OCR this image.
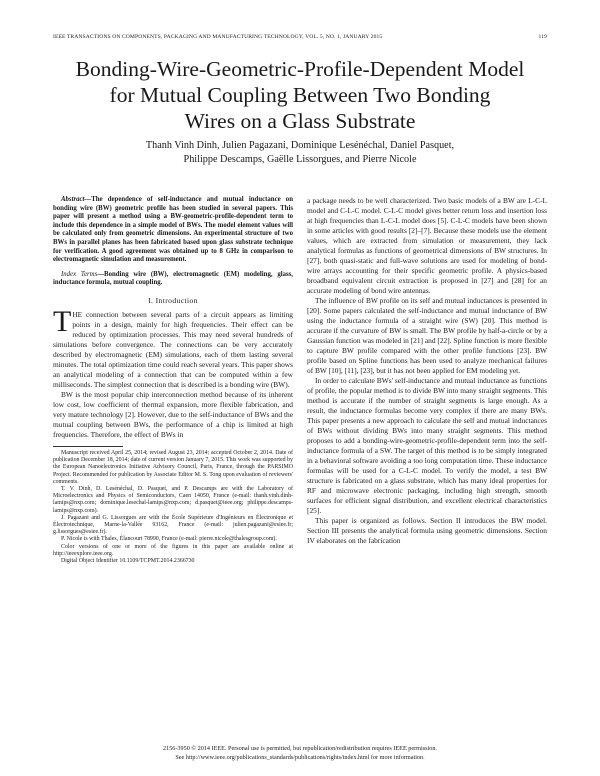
IEEE TRANSACTIONS ON COMPONENTS, PACKAGING AND MANUFACTURING TECHNOLOGY, VOL. 5, NO. 1, JANUARY 2015	119
Bonding-Wire-Geometric-Profile-Dependent Model
for Mutual Coupling Between Two Bonding
Wires on a Glass Substrate
Thanh Vinh Dinh, Julien Pagazani, Dominique Lesénéchal, Daniel Pasquet,
Philippe Descamps, Gaëlle Lissorgues, and Pierre Nicole

Abstract—The dependence of self-inductance and mutual inductance on bonding wire (BW) geometric profile has been studied in several papers. This paper will present a method using a BW-geometric-profile-dependent term to include this dependence in a simple model of BWs. The model element values will be calculated only from geometric dimensions. An experimental structure of two BWs in parallel planes has been fabricated based upon glass substrate technique for verification. A good agreement was obtained up to 8 GHz in comparison to electromagnetic simulation and measurement.

Index Terms—Bonding wire (BW), electromagnetic (EM) modeling, glass, inductance formula, mutual coupling.

I. Introduction

THE connection between several parts of a circuit appears as limiting points in a design, mainly for high frequencies. Their effect can be reduced by optimization processes. This may need several hundreds of simulations before convergence. The connections can be very accurately described by electromagnetic (EM) simulations, each of them lasting several minutes. The total optimization time could reach several years. This paper shows an analytical modeling of a connection that can be computed within a few milliseconds. The simplest connection that is described is a bonding wire (BW).

BW is the most popular chip interconnection method because of its inherent low cost, low coefficient of thermal expansion, more flexible fabrication, and very mature technology [2]. However, due to the self-inductance of BWs and the mutual coupling between BWs, the performance of a chip is limited at high frequencies. Therefore, the effect of BWs in

Manuscript received April 25, 2014; revised August 23, 2014; accepted October 2, 2014. Date of publication December 18, 2014; date of current version January 7, 2015. This work was supported by the European Nanoelectronics Initiative Advisory Council, Paris, France, through the PARSIMO Project. Recommended for publication by Associate Editor M. S. Tong upon evaluation of reviewers' comments.

T. V. Dinh, D. Lesénéchal, D. Pasquet, and P. Descamps are with the Laboratory of Microelectronics and Physics of Semiconductors, Caen 14050, France (e-mail: thanh.vinh.dinh-lamips@nxp.com; dominique.lesechal-lamips@nxp.com; d.pasquet@ieee.org; philippe.descamps-lamips@nxp.com).

J. Pagazani and G. Lissorgues are with the École Supérieure d'Ingénieurs en Électronique et Électrotechnique, Marne-la-Vallée 93162, France (e-mail: julien.pagazani@esiee.fr; g.lissorgues@esiee.fr).

P. Nicole is with Thales, Élancourt 78990, France (e-mail: pierre.nicole@thalesgroup.com).

Color versions of one or more of the figures in this paper are available online at http://ieeexplore.ieee.org.

Digital Object Identifier 10.1109/TCPMT.2014.2366730

a package needs to be well characterized. Two basic models of a BW are L-C-L model and C-L-C model. C-L-C model gives better return loss and insertion loss at high frequencies than L-C-L model does [5]. C-L-C models have been shown in some articles with good results [2]–[7]. Because these models use the element values, which are extracted from simulation or measurement, they lack analytical formulas as functions of geometrical dimensions of BW structures. In [27], both quasi-static and full-wave solutions are used for modeling of bond-wire arrays accounting for their specific geometric profile. A physics-based broadband equivalent circuit extraction is proposed in [27] and [28] for an accurate modeling of bond wire antennas.

The influence of BW profile on its self and mutual inductances is presented in [20]. Some papers calculated the self-inductance and mutual inductance of BW using the inductance formula of a straight wire (SW) [20]. This method is accurate if the curvature of BW is small. The BW profile by half-a-circle or by a Gaussian function was modeled in [21] and [22]. Spline function is more flexible to capture BW profile compared with the other profile functions [23]. BW profile based on Spline functions has been used to analyze mechanical failures of BW [10], [11], [23], but it has not been applied for EM modeling yet.

In order to calculate BWs' self-inductance and mutual inductance as functions of profile, the popular method is to divide BW into many straight segments. This method is accurate if the number of straight segments is large enough. As a result, the inductance formulas become very complex if there are many BWs. This paper presents a new approach to calculate the self and mutual inductances of BWs without dividing BWs into many straight segments. This method proposes to add a bonding-wire-geometric-profile-dependent term into the self-inductance formula of a SW. The target of this method is to be simply integrated in a behavioral software avoiding a too long computation time. These inductance formulas will be used for a C-L-C model. To verify the model, a test BW structure is fabricated on a glass substrate, which has many ideal properties for RF and microwave electronic packaging, including high strength, smooth surfaces for efficient signal distribution, and excellent electrical characteristics [25].

This paper is organized as follows. Section II introduces the BW model. Section III presents the analytical formula using geometric dimensions. Section IV elaborates on the fabrication

2156-3950 © 2014 IEEE. Personal use is permitted, but republication/redistribution requires IEEE permission.
See http://www.ieee.org/publications_standards/publications/rights/index.html for more information.
